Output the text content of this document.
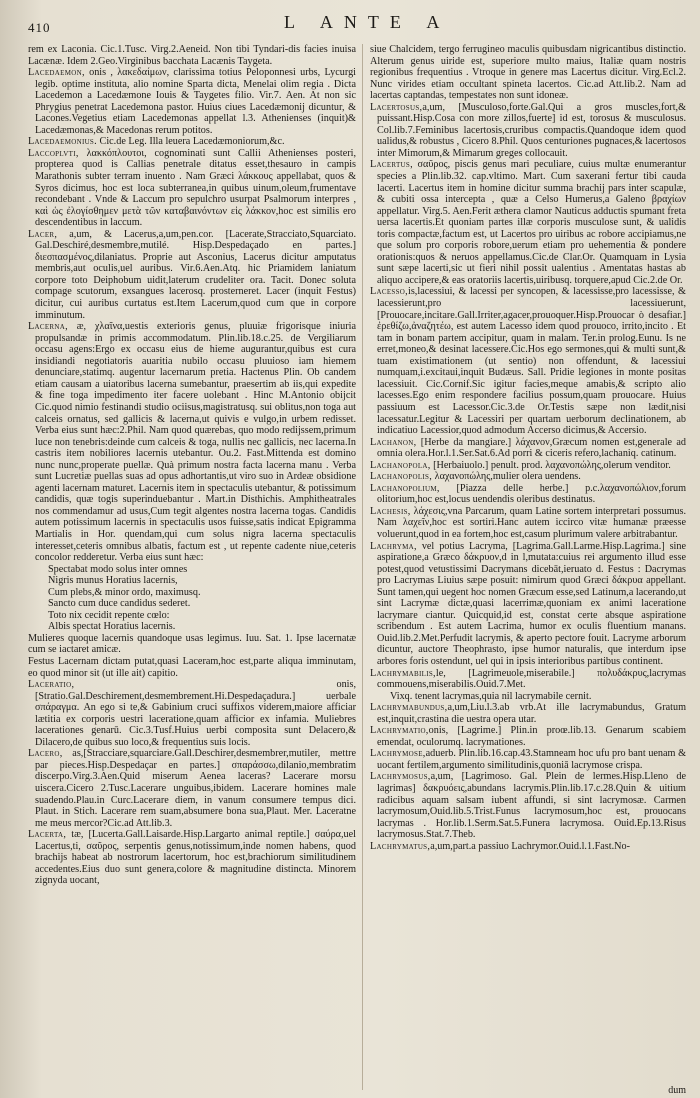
410	L ANTE A

rem ex Laconia. Cic.1.Tusc. Virg.2.Aeneid. Non tibi Tyndari-dis facies inuisa Lacænæ. Idem 2.Geo.Virginibus bacchata Lacænis Taygeta.

Lacedaemon, onis , λακεδαίμων, clarissima totius Peloponnesi urbs, Lycurgi legib. optime instituta, alio nomine Sparta dicta, Menelai olim regia . Dicta Lacedemon a Lacedæmone Iouis & Taygetes filio. Vir.7. Aen. At non sic Phrygius penetrat Lacedemona pastor. Huius ciues Lacedæmonij dicuntur, & Lacones.Vegetius etiam Lacedemonas appellat l.3. Athenienses (inquit)& Lacedæmonas,& Macedonas rerum potitos.

Lacedaemonius. Cic.de Leg. Illa leuera Lacedæmoniorum,&c.

Laccoplvti, λακκόπλουτοι, cognominati sunt Callii Athenienses posteri, propterea quod is Callias penetrale ditatus esset,thesauro in campis Marathonis subter terram inuento . Nam Græci λάκκους appellabat, quos & Syros dicimus, hoc est loca subterranea,in quibus uinum,oleum,frumentave recondebant . Vnde & Laccum pro sepulchro usurpat Psalmorum interpres , καὶ ὡς ἐλογίσθημεν μετὰ τῶν καταβαινόντων εἰς λάκκον,hoc est similis ero descendentibus in laccum.

Lacer, a,um, & Lacerus,a,um,pen.cor. [Lacerate,Stracciato,Squarciato. Gal.Deschiré,desmembre,mutilé. Hisp.Despedaçado en partes.] διεσπασμένος,dilaniatus. Proprie aut Asconius, Lacerus dicitur amputatus membris,aut oculis,uel auribus. Vir.6.Aen.Atq. hic Priamidem laniatum corpore toto Deiphobum uidit,laterum crudeliter ora. Tacit. Donec soluta compage scutorum, exsangues lacerosq. prosterneret. Lacer (inquit Festus) dicitur, cui auribus curtatus est.Item Lacerum,quod cum que in corpore imminutum.

Lacerna, æ, χλαῖνα,uestis exterioris genus, pluuiæ frigorisque iniuria propulsandæ in primis accommodatum. Plin.lib.18.c.25. de Vergiliarum occasu agens:Ergo ex occasu eius de hieme augurantur,quibus est cura insidiandi negotiatoris auaritia nubilo occasu pluuioso iam hiemem denunciare,statimq. augentur lacernarum pretia. Hactenus Plin. Ob candem etiam causam a uiatoribus lacerna sumebantur, praesertim ab iis,qui expedite & fine toga impedimento iter facere uolebant . Hinc M.Antonio obijcit Cic.quod nimio festinandi studio ociisus,magistratusq. sui oblitus,non toga aut calceis ornatus, sed gallicis & lacerna,ut quivis e vulgo,in urbem redisset. Verba eius sunt hæc:2.Phil. Nam quod quærebas, quo modo redijssem,primum luce non tenebris:deinde cum calceis & toga, nullis nec gallicis, nec lacerna.In castris item nobiliores lacernis utebantur. Ou.2. Fast.Mittenda est domino nunc nunc,properate puellæ. Quà primum nostra facta lacerna manu . Verba sunt Lucretiæ puellas suas ad opus adhortantis,ut viro suo in Ardeæ obsidione agenti lacernam maturet. Lacernis item in spectaculis utebantur, & potissimum candidis, quæ togis superinduebantur . Mart.in Disthichis. Amphitheatrales nos commendamur ad usus,Cum tegit algentes nostra lacerna togas. Candidis autem potissimum lacernis in spectaculis usos fuisse,satis indicat Epigramma Martialis in Hor. quendam,qui cum solus nigra lacerna spectaculis interesset,ceteris omnibus albatis, factum est , ut repente cadente niue,ceteris concolor redderetur. Verba eius sunt hæc:

Spectabat modo solus inter omnes

Nigris munus Horatius lacernis,

Cum plebs,& minor ordo, maximusq.

Sancto cum duce candidus sederet.

Toto nix cecidit repente cœlo:

Albis spectat Horatius lacernis.

Mulieres quoque lacernis quandoque usas legimus. Iuu. Sat. 1. Ipse lacernatæ cum se iactaret amicæ.

Festus Lacernam dictam putat,quasi Laceram,hoc est,parte aliqua imminutam, eo quod minor sit (ut ille ait) capitio.

Laceratio, onis, [Stratio.Gal.Deschirement,desmembrement.Hi.Despedaçadura.] uerbale σπάραγμα. An ego si te,& Gabinium cruci suffixos viderem,maiore afficiar lætitia ex corporis uestri laceratione,quam afficior ex infamia. Muliebres lacerationes genarū. Cic.3.Tusf.Huius uerbi composita sunt Delacero,& Dilacero,de quibus suo loco,& frequentius suis locis.

Lacero, as,[Stracciare,squarciare.Gall.Deschirer,desmembrer,mutiler, mettre par pieces.Hisp.Despedaçar en partes.] σπαράσσω,dilanio,membratim discerpo.Virg.3.Aen.Quid miserum Aenea laceras? Lacerare morsu uiscera.Cicero 2.Tusc.Lacerare unguibus,ibidem. Lacerare homines male suadendo.Plau.in Curc.Lacerare diem, in vanum consumere tempus dici. Plaut. in Stich. Lacerare rem suam,absumere bona sua,Plaut. Mer. Laceratne me meus mercor?Cic.ad Att.lib.3.

Lacerta, tæ, [Lucerta.Gall.Laisarde.Hisp.Largarto animal reptile.] σαύρα,uel Lacertus,ti, σαῦρος, serpentis genus,notissimum,inde nomen habens, quod brachijs habeat ab nostrorum lacertorum, hoc est,brachiorum similitudinem accedentes.Eius duo sunt genera,colore & magnitudine distincta. Minorem zignyda uocant,

siue Chalcidem, tergo ferrugineo maculis quibusdam nigricantibus distinctio. Alterum genus uiride est, superiore multo maius, Italiæ quam nostris regionibus frequentius . Vtroque in genere mas Lacertus dicitur. Virg.Ecl.2. Nunc virides etiam occultant spineta lacertos. Cic.ad Att.lib.2. Nam ad lacertas captandas, tempestates non sunt idoneæ.

Lacertosus,a,um, [Musculoso,forte.Gal.Qui a gros muscles,fort,& puissant.Hisp.Cosa con more zillos,fuerte] id est, torosus & musculosus. Col.lib.7.Feminibus lacertosis,cruribus compactis.Quandoque idem quod ualidus,& robustus , Cicero 8.Phil. Quos centuriones pugnaces,& lacertosos inter Mimorum,& Mimarum greges collocauit.

Lacertus, σαῦρος, piscis genus mari peculiare, cuius multæ enumerantur species a Plin.lib.32. cap.vltimo. Mart. Cum saxerani fertur tibi cauda lacerti. Lacertus item in homine dicitur summa brachij pars inter scapulæ, & cubiti ossa intercepta , quæ a Celso Humerus,a Galeno βραχίων appellatur. Virg.5. Aen.Ferit æthera clamor Nauticus adductis spumant freta uersa lacertis.Et quoniam partes illæ corporis musculose sunt, & ualidis toris compactæ,factum est, ut Lacertos pro uiribus ac robore accipiamus,ne que solum pro corporis robore,uerum etiam pro uehementia & pondere orationis:quos & neruos appellamus.Cic.de Clar.Or. Quamquam in Lysia sunt sæpe lacerti,sic ut fieri nihil possit ualentius . Amentatas hastas ab aliquo accipere,& eas oratoriis lacertis,uiribusq. torquere,apud Cic.2.de Or.

Lacesso,is,lacessiui, & lacessi per syncopen, & lacessisse,pro lacessisse, & lacessierunt,pro lacessiuerunt, [Prouocare,incitare.Gall.Irriter,agacer,prouoquer.Hisp.Prouocar ò desafiar.] ἐρεθίζω,ἀναζητέω, est autem Lacesso idem quod prouoco, irrito,incito . Et tam in bonam partem accipitur, quam in malam. Ter.in prolog.Eunu. Is ne erret,moneo,& desinat lacessere.Cic.Hos ego sermones,qui & multi sunt,& tuam existimationem (ut sentio) non offendunt, & lacessiui numquam,i.excitaui,inquit Budæus. Sall. Pridie legiones in monte positas lacessiuit. Cic.Cornif.Sic igitur facies,meque amabis,& scripto alio lacesses.Ego enim respondere facilius possum,quam prouocare. Huius passiuum est Lacessor.Cic.3.de Or.Testis sæpe non lædit,nisi lacessatur.Legitur & Lacessiri per quartam uerborum declinationem, ab indicatiuo Lacessior,quod admodum Accerso dicimus,& Accersio.

Lachanon, [Herbe da mangiare.] λάχανον,Græcum nomen est,generale ad omnia olera.Hor.l.1.Ser.Sat.6.Ad porri & ciceris refero,lachaniq. catinum.

Lachanopola, [Herbaiuolo.] penult. prod. λαχανοπώλης,olerum venditor.

Lachanopolis, λαχανοπώλης,mulier olera uendens.

Lachanopolium, [Piazza delle herbe.] p.c.λαχανοπώλιον,forum olitorium,hoc est,locus uendendis oleribus destinatus.

Lachesis, λάχεσις,vna Parcarum, quam Latine sortem interpretari possumus. Nam λαχεῖν,hoc est sortiri.Hanc autem iccirco vitæ humanæ præesse voluerunt,quod in ea fortem,hoc est,casum plurimum valere arbitrabantur.

Lachryma, vel potius Lacryma, [Lagrima.Gall.Larme.Hisp.Lagrima.] sine aspiratione,a Græco δάκρυον,d in l,mutata:cuius rei argumento illud esse potest,quod vetustissimi Dacrymans dicebāt,ieruato d. Festus : Dacrymas pro Lacrymas Liuius sæpe posuit: nimirum quod Græci δάκρυα appellant. Sunt tamen,qui uegent hoc nomen Græcum esse,sed Latinum,a lacerando,ut sint Lacrymæ dictæ,quasi lacerrimæ,quoniam ex animi laceratione lacrymare ciantur. Quicquid,id est, constat certe absque aspiratione scribendum . Est autem Lacrima, humor ex oculis fluentium manans. Ouid.lib.2.Met.Perfudit lacrymis, & aperto pectore fouit. Lacryme arborum dicuntur, auctore Theophrasto, ipse humor naturalis, que interdum ipse arbores foris ostendunt, uel qui in ipsis interioribus partibus continent.

Lachrymabilis,le, [Lagrimeuole,miserabile.] πολυδάκρυς,lacrymas commouens,miserabilis.Ouid.7.Met.

Vixq. tenent lacrymas,quia nil lacrymabile cernit.

Lachrymabundus,a,um,Liu.l.3.ab vrb.At ille lacrymabundus, Gratum est,inquit,crastina die uestra opera utar.

Lachrymatio,onis, [Lagrime.] Plin.in proœ.lib.13. Genarum scabiem emendat, oculorumq. lacrymationes.

Lachrymose,aduerb. Plin.lib.16.cap.43.Stamneam hoc ufu pro bant uenam & uocant fertilem,argumento similitudinis,quoniā lacrymose crispa.

Lachrymosus,a,um, [Lagrimoso. Gal. Plein de lermes.Hisp.Lleno de lagrimas] δακρυόεις,abundans lacrymis.Plin.lib.17.c.28.Quin & uitium radicibus aquam salsam iubent affundi, si sint lacrymosæ. Carmen lacrymosum,Ouid.lib.5.Trist.Funus lacrymosum,hoc est, prouocans lacrymas . Hor.lib.1.Serm.Sat.5.Funera lacrymosa. Ouid.Ep.13.Risus lacrymosus.Stat.7.Theb.

Lachrymatus,a,um,part.a passiuo Lachrymor.Ouid.l.1.Fast.No-

dum
